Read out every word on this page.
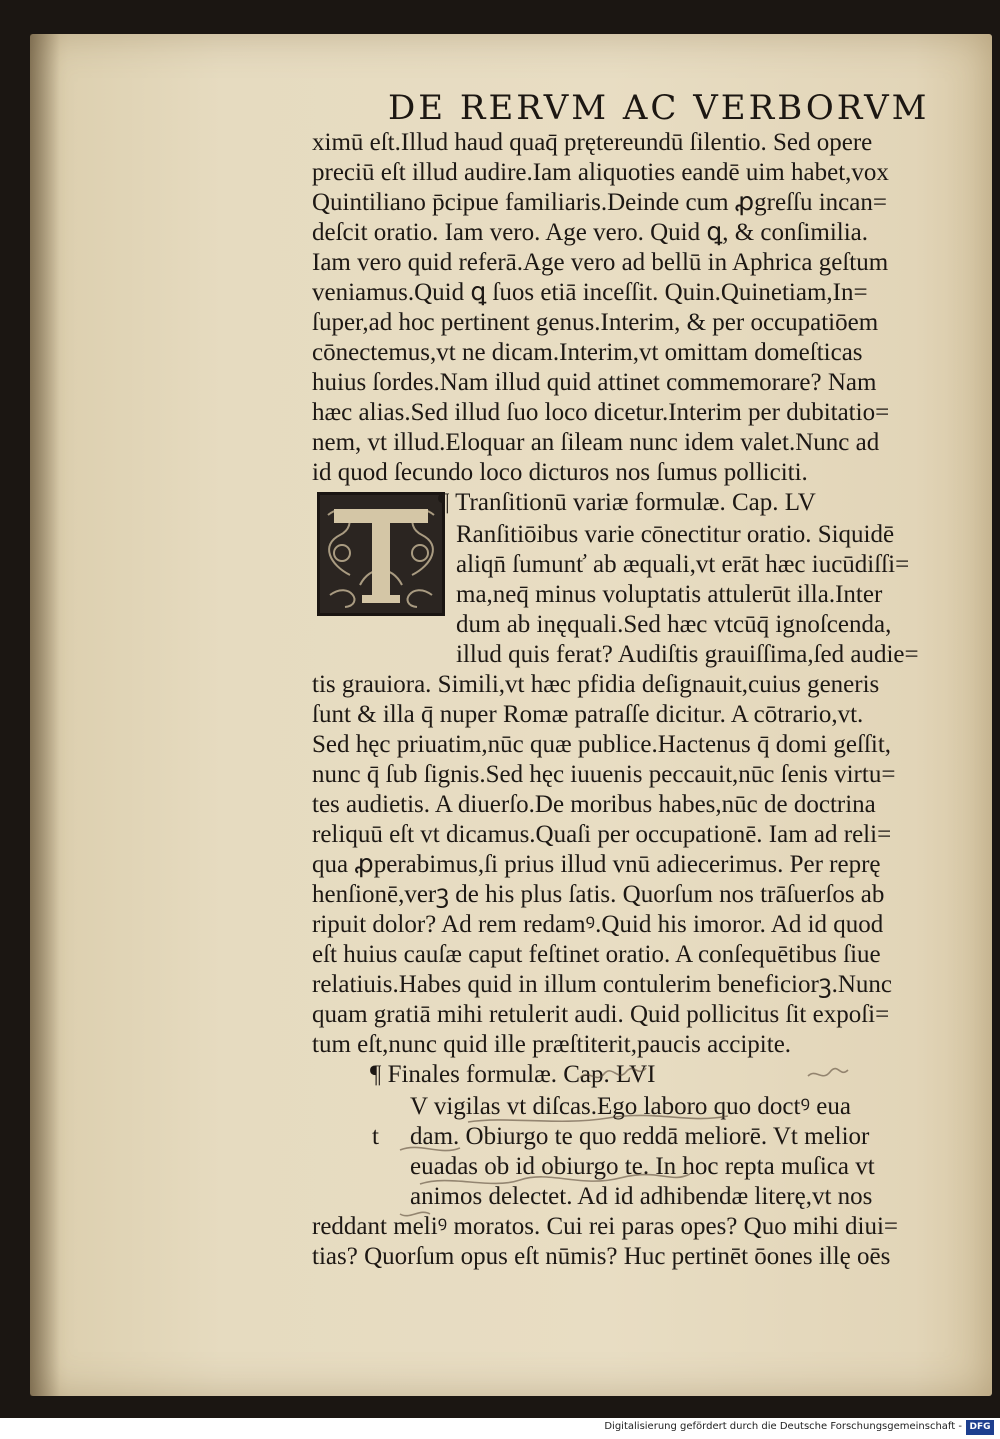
DE RERVM AC VERBORVM
ximū eſt.Illud haud quaq̄ prętereundū ſilentio. Sed opere
preciū eſt illud audire.Iam aliquoties eandē uim habet,vox
Quintiliano p̄cipue familiaris.Deinde cum ꝓgreſſu incan=
deſcit oratio. Iam vero. Age vero. Quid ꝗ, & conſimilia.
Iam vero quid referā.Age vero ad bellū in Aphrica geſtum
veniamus.Quid ꝗ ſuos etiā inceſſit. Quin.Quinetiam,In=
ſuper,ad hoc pertinent genus.Interim, & per occupatiōem
cōnectemus,vt ne dicam.Interim,vt omittam domeſticas
huius ſordes.Nam illud quid attinet commemorare? Nam
hæc alias.Sed illud ſuo loco dicetur.Interim per dubitatio=
nem, vt illud.Eloquar an ſileam nunc idem valet.Nunc ad
id quod ſecundo loco dicturos nos ſumus polliciti.
¶ Tranſitionū variæ formulæ. Cap. LV
Ranſitiōibus varie cōnectitur oratio. Siquidē
aliqn̄ ſumunť ab æquali,vt erāt hæc iucūdiſſi=
ma,neq̄ minus voluptatis attulerūt illa.Inter
dum ab inęquali.Sed hæc vtcūq̄ ignoſcenda,
illud quis ferat? Audiſtis grauiſſima,ſed audie=
tis grauiora. Simili,vt hæc pfidia deſignauit,cuius generis
ſunt & illa q̄ nuper Romæ patraſſe dicitur. A cōtrario,vt.
Sed hęc priuatim,nūc quæ publice.Hactenus q̄ domi geſſit,
nunc q̄ ſub ſignis.Sed hęc iuuenis peccauit,nūc ſenis virtu=
tes audietis. A diuerſo.De moribus habes,nūc de doctrina
reliquū eſt vt dicamus.Quaſi per occupationē. Iam ad reli=
qua ꝓperabimus,ſi prius illud vnū adiecerimus. Per reprę
henſionē,verꝫ de his plus ſatis. Quorſum nos trāſuerſos ab
ripuit dolor? Ad rem redamꝰ.Quid his imoror. Ad id quod
eſt huius cauſæ caput feſtinet oratio. A conſequētibus ſiue
relatiuis.Habes quid in illum contulerim beneficiorꝫ.Nunc
quam gratiā mihi retulerit audi. Quid pollicitus ſit expoſi=
tum eſt,nunc quid ille præſtiterit,paucis accipite.
¶ Finales formulæ. Cap. LVI
V vigilas vt diſcas.Ego laboro quo doctꝰ eua
dam. Obiurgo te quo reddā meliorē. Vt melior
euadas ob id obiurgo te. In hoc repta muſica vt
animos delectet. Ad id adhibendæ literę,vt nos
reddant meliꝰ moratos. Cui rei paras opes? Quo mihi diui=
tias? Quorſum opus eſt nūmis? Huc pertinēt ōones illę oēs
t
Digitalisierung gefördert durch die Deutsche Forschungsgemeinschaft - DFG
